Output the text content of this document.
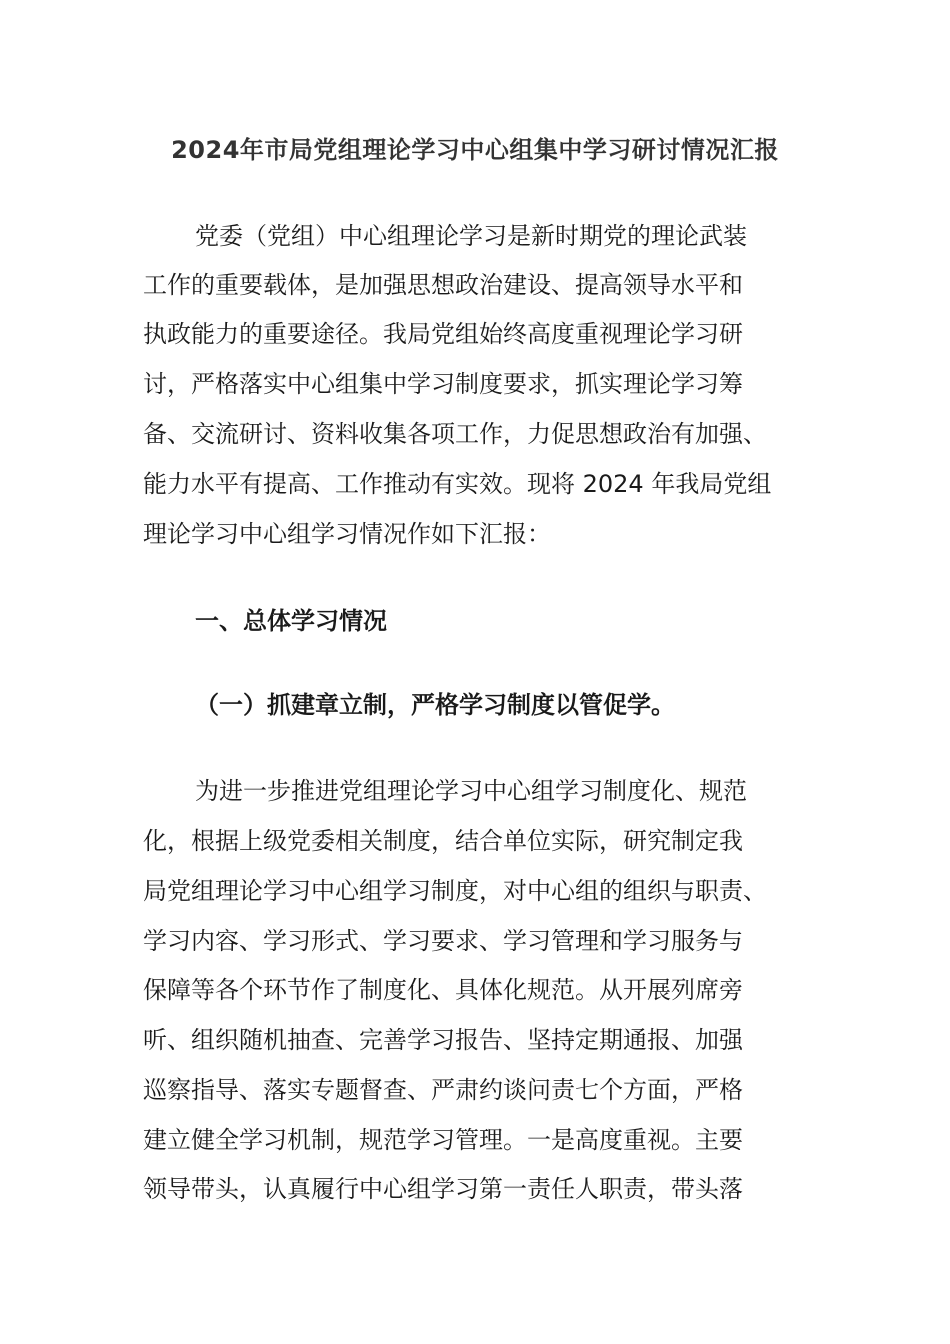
2024年市局党组理论学习中心组集中学习研讨情况汇报
党委（党组）中心组理论学习是新时期党的理论武装
工作的重要载体，是加强思想政治建设、提高领导水平和
执政能力的重要途径。我局党组始终高度重视理论学习研
讨，严格落实中心组集中学习制度要求，抓实理论学习筹
备、交流研讨、资料收集各项工作，力促思想政治有加强、
能力水平有提高、工作推动有实效。现将 2024 年我局党组
理论学习中心组学习情况作如下汇报：
一、总体学习情况
（一）抓建章立制，严格学习制度以管促学。
为进一步推进党组理论学习中心组学习制度化、规范
化，根据上级党委相关制度，结合单位实际，研究制定我
局党组理论学习中心组学习制度，对中心组的组织与职责、
学习内容、学习形式、学习要求、学习管理和学习服务与
保障等各个环节作了制度化、具体化规范。从开展列席旁
听、组织随机抽查、完善学习报告、坚持定期通报、加强
巡察指导、落实专题督查、严肃约谈问责七个方面，严格
建立健全学习机制，规范学习管理。一是高度重视。主要
领导带头，认真履行中心组学习第一责任人职责，带头落
